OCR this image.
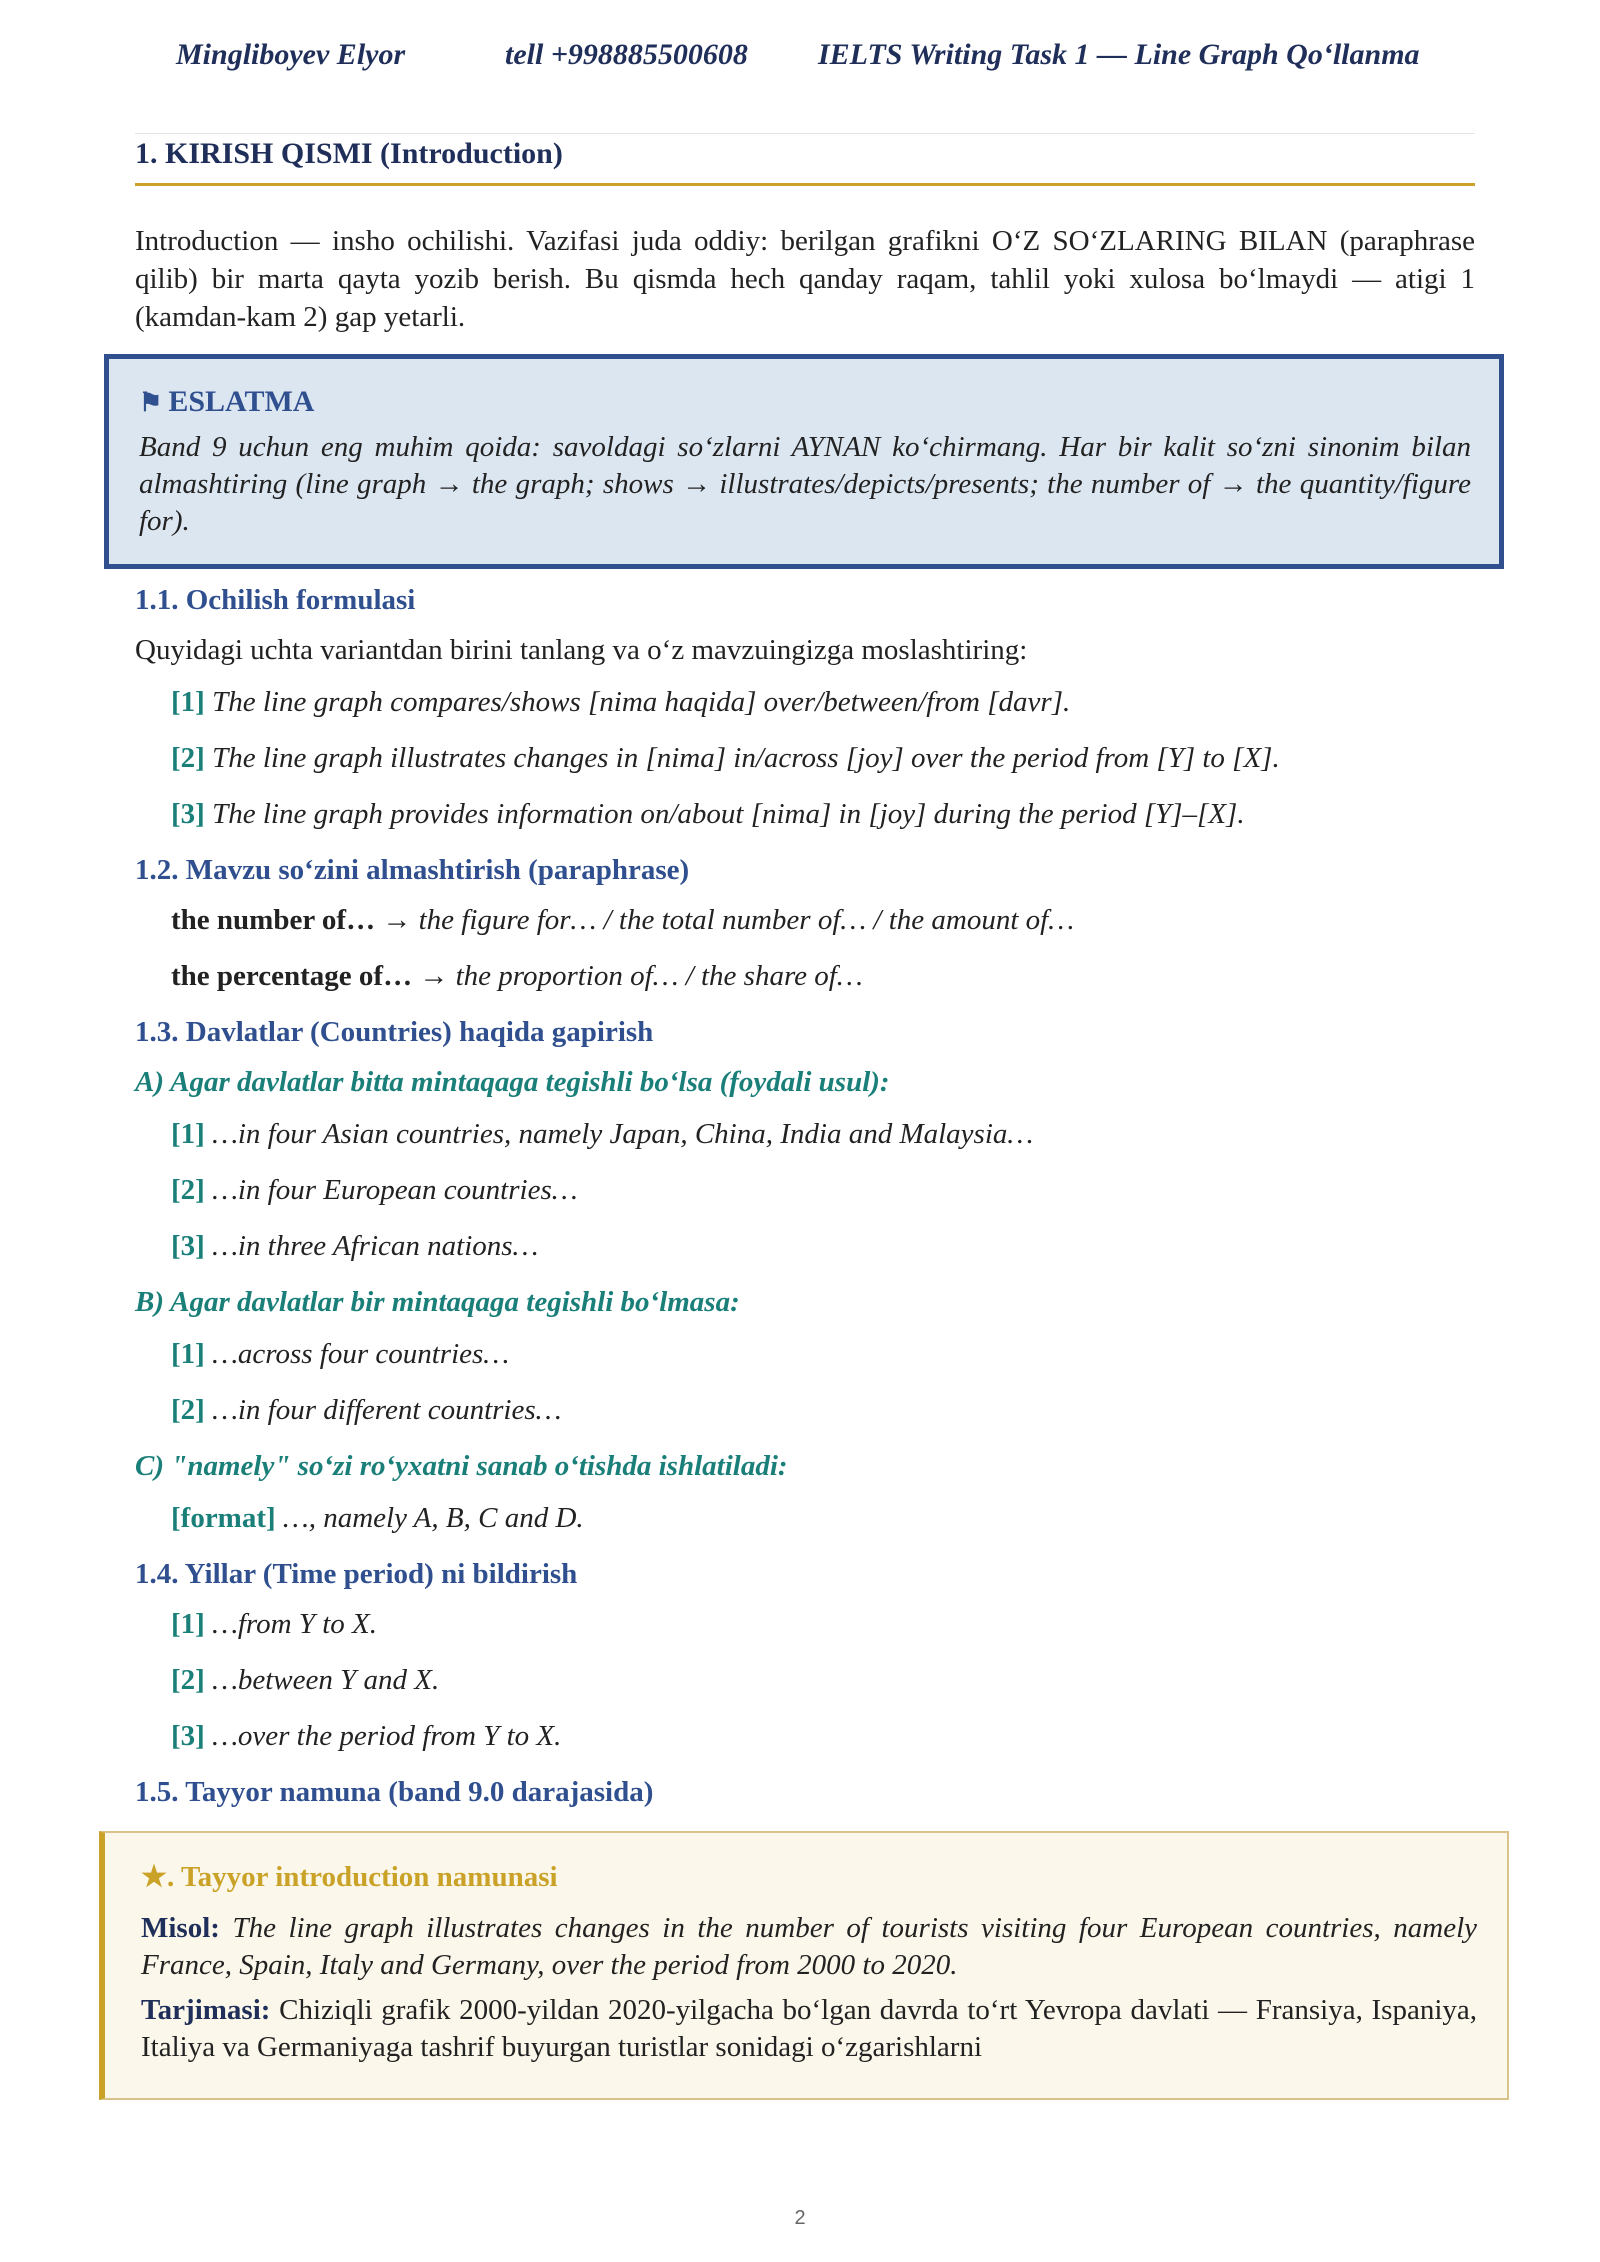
Mingliboyev Elyor	tell +998885500608 IELTS Writing Task 1 — Line Graph Qo‘llanma
1. KIRISH QISMI (Introduction)

Introduction — insho ochilishi. Vazifasi juda oddiy: berilgan grafikni O‘Z SO‘ZLARING BILAN (paraphrase qilib) bir marta qayta yozib berish. Bu qismda hech qanday raqam, tahlil yoki xulosa bo‘lmaydi — atigi 1 (kamdan-kam 2) gap yetarli.

⚑ ESLATMA
Band 9 uchun eng muhim qoida: savoldagi so‘zlarni AYNAN ko‘chirmang. Har bir kalit so‘zni sinonim bilan almashtiring (line graph → the graph; shows → illustrates/depicts/presents; the number of → the quantity/figure for).
1.1. Ochilish formulasi
Quyidagi uchta variantdan birini tanlang va o‘z mavzuingizga moslashtiring:
[1] The line graph compares/shows [nima haqida] over/between/from [davr].
[2] The line graph illustrates changes in [nima] in/across [joy] over the period from [Y] to [X].
[3] The line graph provides information on/about [nima] in [joy] during the period [Y]–[X].
1.2. Mavzu so‘zini almashtirish (paraphrase)
the number of… → the figure for… / the total number of… / the amount of…
the percentage of… → the proportion of… / the share of…
1.3. Davlatlar (Countries) haqida gapirish
A) Agar davlatlar bitta mintaqaga tegishli bo‘lsa (foydali usul):
[1] …in four Asian countries, namely Japan, China, India and Malaysia…
[2] …in four European countries…
[3] …in three African nations…
B) Agar davlatlar bir mintaqaga tegishli bo‘lmasa:
[1] …across four countries…
[2] …in four different countries…
C) "namely" so‘zi ro‘yxatni sanab o‘tishda ishlatiladi:
[format] …, namely A, B, C and D.
1.4. Yillar (Time period) ni bildirish
[1] …from Y to X.
[2] …between Y and X.
[3] …over the period from Y to X.
1.5. Tayyor namuna (band 9.0 darajasida)
★. Tayyor introduction namunasi
Misol: The line graph illustrates changes in the number of tourists visiting four European countries, namely France, Spain, Italy and Germany, over the period from 2000 to 2020.
Tarjimasi: Chiziqli grafik 2000-yildan 2020-yilgacha bo‘lgan davrda to‘rt Yevropa davlati — Fransiya, Ispaniya, Italiya va Germaniyaga tashrif buyurgan turistlar sonidagi o‘zgarishlarni
2
